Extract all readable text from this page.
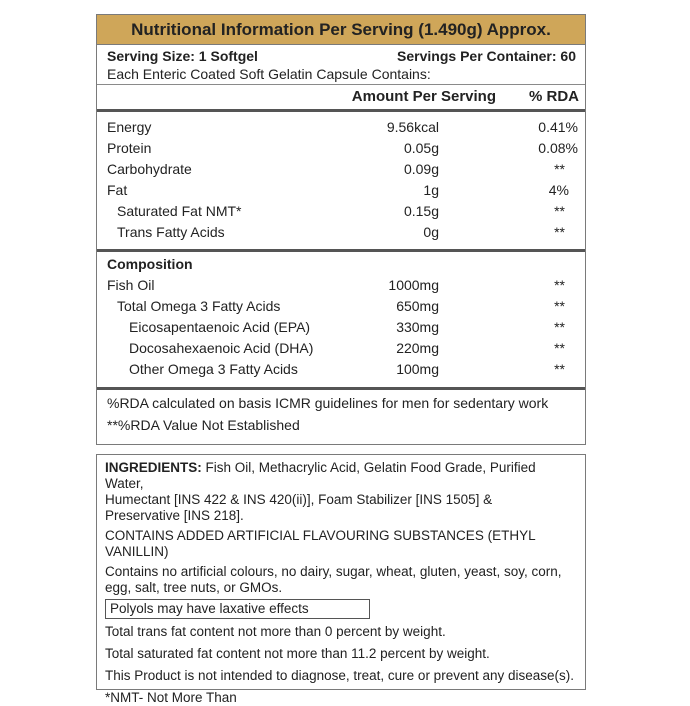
Nutritional Information Per Serving (1.490g) Approx.
Serving Size: 1 Softgel	Servings Per Container: 60
Each Enteric Coated Soft Gelatin Capsule Contains:
Amount Per Serving % RDA
Energy	9.56kcal	0.41%
Protein	0.05g	0.08%
Carbohydrate	0.09g	**
Fat	1g	4%
Saturated Fat NMT*	0.15g	**
Trans Fatty Acids	0g	**
Composition
Fish Oil	1000mg	**
Total Omega 3 Fatty Acids	650mg	**
Eicosapentaenoic Acid (EPA)	330mg	**
Docosahexaenoic Acid (DHA)	220mg	**
Other Omega 3 Fatty Acids	100mg	**
%RDA calculated on basis ICMR guidelines for men for sedentary work
**%RDA Value Not Established
INGREDIENTS: Fish Oil, Methacrylic Acid, Gelatin Food Grade, Purified Water,
Humectant [INS 422 & INS 420(ii)], Foam Stabilizer [INS 1505] &
Preservative [INS 218].
CONTAINS ADDED ARTIFICIAL FLAVOURING SUBSTANCES (ETHYL VANILLIN)
Contains no artificial colours, no dairy, sugar, wheat, gluten, yeast, soy, corn,
egg, salt, tree nuts, or GMOs.
Polyols may have laxative effects
Total trans fat content not more than 0 percent by weight.
Total saturated fat content not more than 11.2 percent by weight.
This Product is not intended to diagnose, treat, cure or prevent any disease(s).
*NMT- Not More Than
